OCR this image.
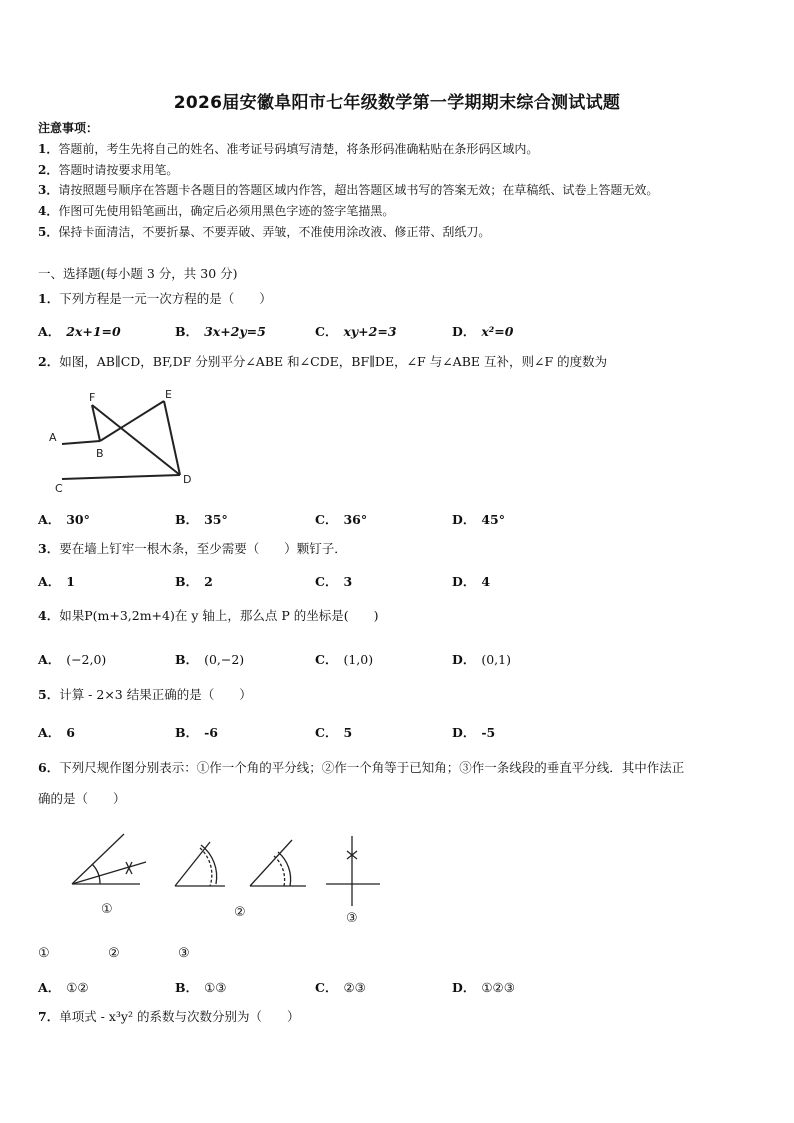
2026届安徽阜阳市七年级数学第一学期期末综合测试试题
注意事项：
1．答题前，考生先将自己的姓名、准考证号码填写清楚，将条形码准确粘贴在条形码区域内。
2．答题时请按要求用笔。
3．请按照题号顺序在答题卡各题目的答题区域内作答，超出答题区域书写的答案无效；在草稿纸、试卷上答题无效。
4．作图可先使用铅笔画出，确定后必须用黑色字迹的签字笔描黑。
5．保持卡面清洁，不要折暴、不要弄破、弄皱，不准使用涂改液、修正带、刮纸刀。
一、选择题(每小题 3 分，共 30 分)
1．下列方程是一元一次方程的是（　　）
A． 2x+1=0	B． 3x+2y=5	C． xy+2=3	D． x²=0
2．如图，AB∥CD，BF,DF 分别平分∠ABE 和∠CDE，BF∥DE，∠F 与∠ABE 互补，则∠F 的度数为
F	E
A
B
C
D
A． 30°	B． 35°	C． 36°	D． 45°
3．要在墙上钉牢一根木条，至少需要（　　）颗钉子．
A． 1	B． 2	C． 3	D． 4
4．如果P(m+3,2m+4)在 y 轴上，那么点 P 的坐标是(　　)
A． (−2,0)	B． (0,−2)	C． (1,0)	D． (0,1)
5．计算 - 2×3 结果正确的是（　　）
A． 6	B． -6	C． 5	D． -5
6．下列尺规作图分别表示：①作一个角的平分线；②作一个角等于已知角；③作一条线段的垂直平分线．其中作法正
确的是（　　）
①	②	③
①	②	③
A． ①②	B． ①③	C． ②③	D． ①②③
7．单项式 - x³y² 的系数与次数分别为（　　）
